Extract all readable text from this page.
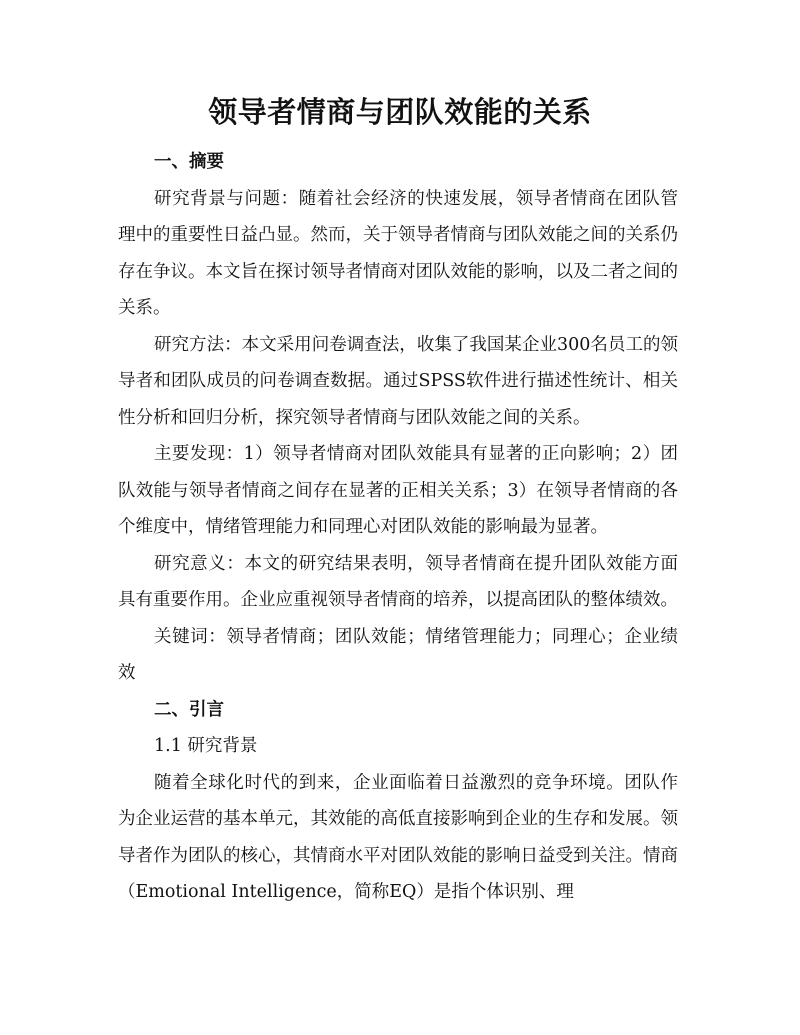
领导者情商与团队效能的关系

一、摘要

研究背景与问题：随着社会经济的快速发展，领导者情商在团队管理中的重要性日益凸显。然而，关于领导者情商与团队效能之间的关系仍存在争议。本文旨在探讨领导者情商对团队效能的影响，以及二者之间的关系。

研究方法：本文采用问卷调查法，收集了我国某企业300名员工的领导者和团队成员的问卷调查数据。通过SPSS软件进行描述性统计、相关性分析和回归分析，探究领导者情商与团队效能之间的关系。

主要发现：1）领导者情商对团队效能具有显著的正向影响；2）团队效能与领导者情商之间存在显著的正相关关系；3）在领导者情商的各个维度中，情绪管理能力和同理心对团队效能的影响最为显著。

研究意义：本文的研究结果表明，领导者情商在提升团队效能方面具有重要作用。企业应重视领导者情商的培养，以提高团队的整体绩效。

关键词：领导者情商；团队效能；情绪管理能力；同理心；企业绩效

二、引言

1.1 研究背景

随着全球化时代的到来，企业面临着日益激烈的竞争环境。团队作为企业运营的基本单元，其效能的高低直接影响到企业的生存和发展。领导者作为团队的核心，其情商水平对团队效能的影响日益受到关注。情商（Emotional Intelligence，简称EQ）是指个体识别、理
